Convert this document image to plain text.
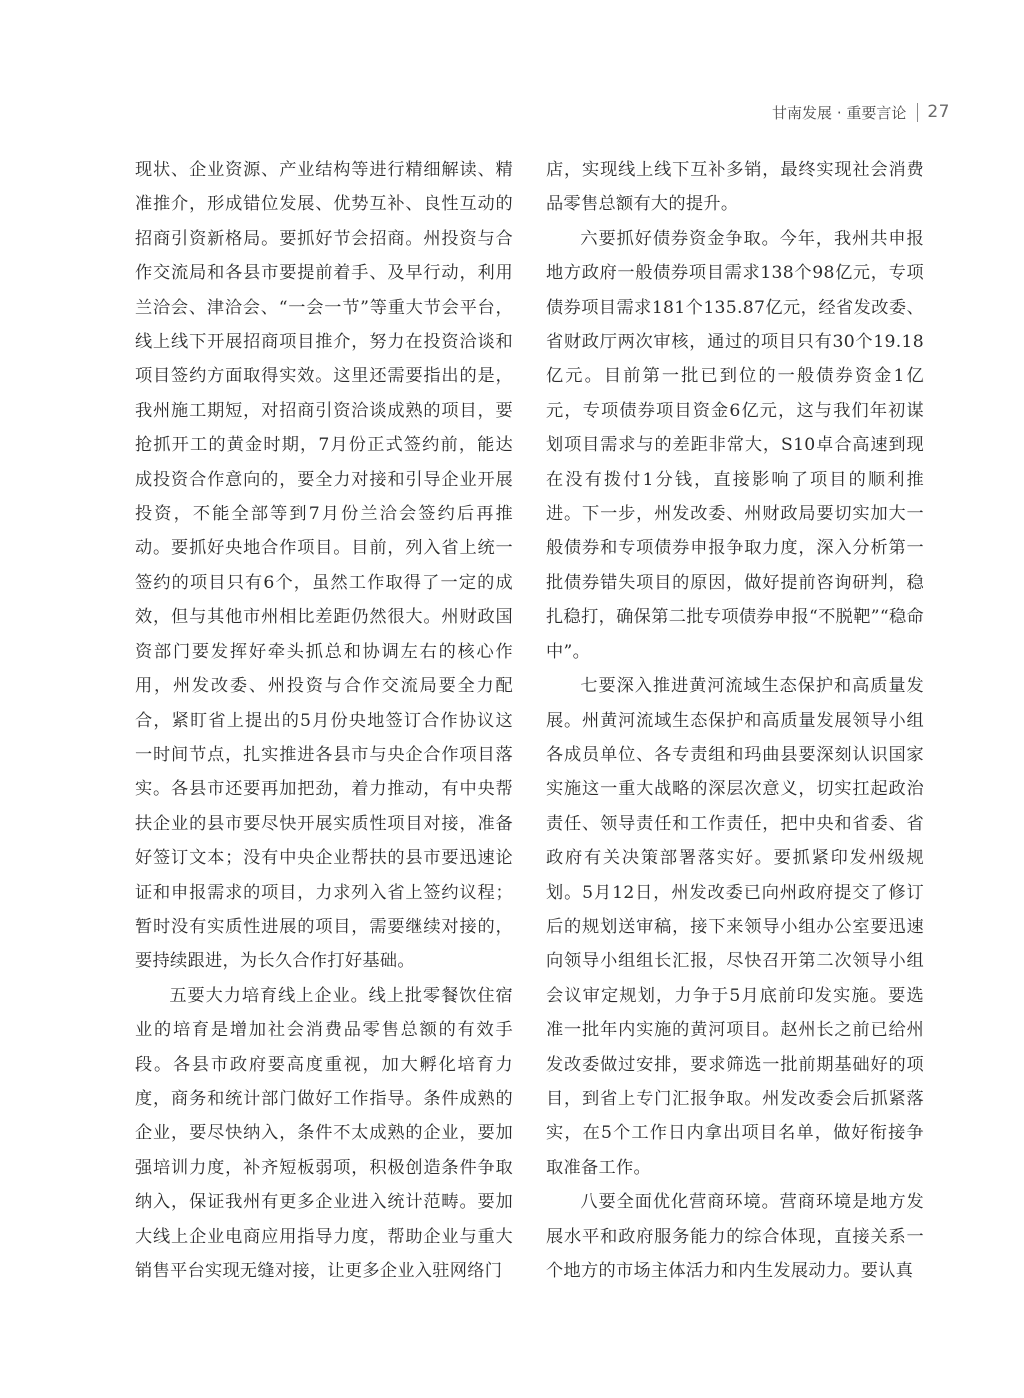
甘南发展 · 重要言论 27

现状、企业资源、产业结构等进行精细解读、精准推介，形成错位发展、优势互补、良性互动的招商引资新格局。要抓好节会招商。州投资与合作交流局和各县市要提前着手、及早行动，利用兰洽会、津洽会、“一会一节”等重大节会平台，线上线下开展招商项目推介，努力在投资洽谈和项目签约方面取得实效。这里还需要指出的是，我州施工期短，对招商引资洽谈成熟的项目，要抢抓开工的黄金时期，7月份正式签约前，能达成投资合作意向的，要全力对接和引导企业开展投资，不能全部等到7月份兰洽会签约后再推动。要抓好央地合作项目。目前，列入省上统一签约的项目只有6个，虽然工作取得了一定的成效，但与其他市州相比差距仍然很大。州财政国资部门要发挥好牵头抓总和协调左右的核心作用，州发改委、州投资与合作交流局要全力配合，紧盯省上提出的5月份央地签订合作协议这一时间节点，扎实推进各县市与央企合作项目落实。各县市还要再加把劲，着力推动，有中央帮扶企业的县市要尽快开展实质性项目对接，准备好签订文本；没有中央企业帮扶的县市要迅速论证和申报需求的项目，力求列入省上签约议程；暂时没有实质性进展的项目，需要继续对接的，要持续跟进，为长久合作打好基础。

五要大力培育线上企业。线上批零餐饮住宿业的培育是增加社会消费品零售总额的有效手段。各县市政府要高度重视，加大孵化培育力度，商务和统计部门做好工作指导。条件成熟的企业，要尽快纳入，条件不太成熟的企业，要加强培训力度，补齐短板弱项，积极创造条件争取纳入，保证我州有更多企业进入统计范畴。要加大线上企业电商应用指导力度，帮助企业与重大销售平台实现无缝对接，让更多企业入驻网络门

店，实现线上线下互补多销，最终实现社会消费品零售总额有大的提升。

六要抓好债券资金争取。今年，我州共申报地方政府一般债券项目需求138个98亿元，专项债券项目需求181个135.87亿元，经省发改委、省财政厅两次审核，通过的项目只有30个19.18亿元。目前第一批已到位的一般债券资金1亿元，专项债券项目资金6亿元，这与我们年初谋划项目需求与的差距非常大，S10卓合高速到现在没有拨付1分钱，直接影响了项目的顺利推进。下一步，州发改委、州财政局要切实加大一般债券和专项债券申报争取力度，深入分析第一批债券错失项目的原因，做好提前咨询研判，稳扎稳打，确保第二批专项债券申报“不脱靶”“稳命中”。

七要深入推进黄河流域生态保护和高质量发展。州黄河流域生态保护和高质量发展领导小组各成员单位、各专责组和玛曲县要深刻认识国家实施这一重大战略的深层次意义，切实扛起政治责任、领导责任和工作责任，把中央和省委、省政府有关决策部署落实好。要抓紧印发州级规划。5月12日，州发改委已向州政府提交了修订后的规划送审稿，接下来领导小组办公室要迅速向领导小组组长汇报，尽快召开第二次领导小组会议审定规划，力争于5月底前印发实施。要选准一批年内实施的黄河项目。赵州长之前已给州发改委做过安排，要求筛选一批前期基础好的项目，到省上专门汇报争取。州发改委会后抓紧落实，在5个工作日内拿出项目名单，做好衔接争取准备工作。

八要全面优化营商环境。营商环境是地方发展水平和政府服务能力的综合体现，直接关系一个地方的市场主体活力和内生发展动力。要认真
